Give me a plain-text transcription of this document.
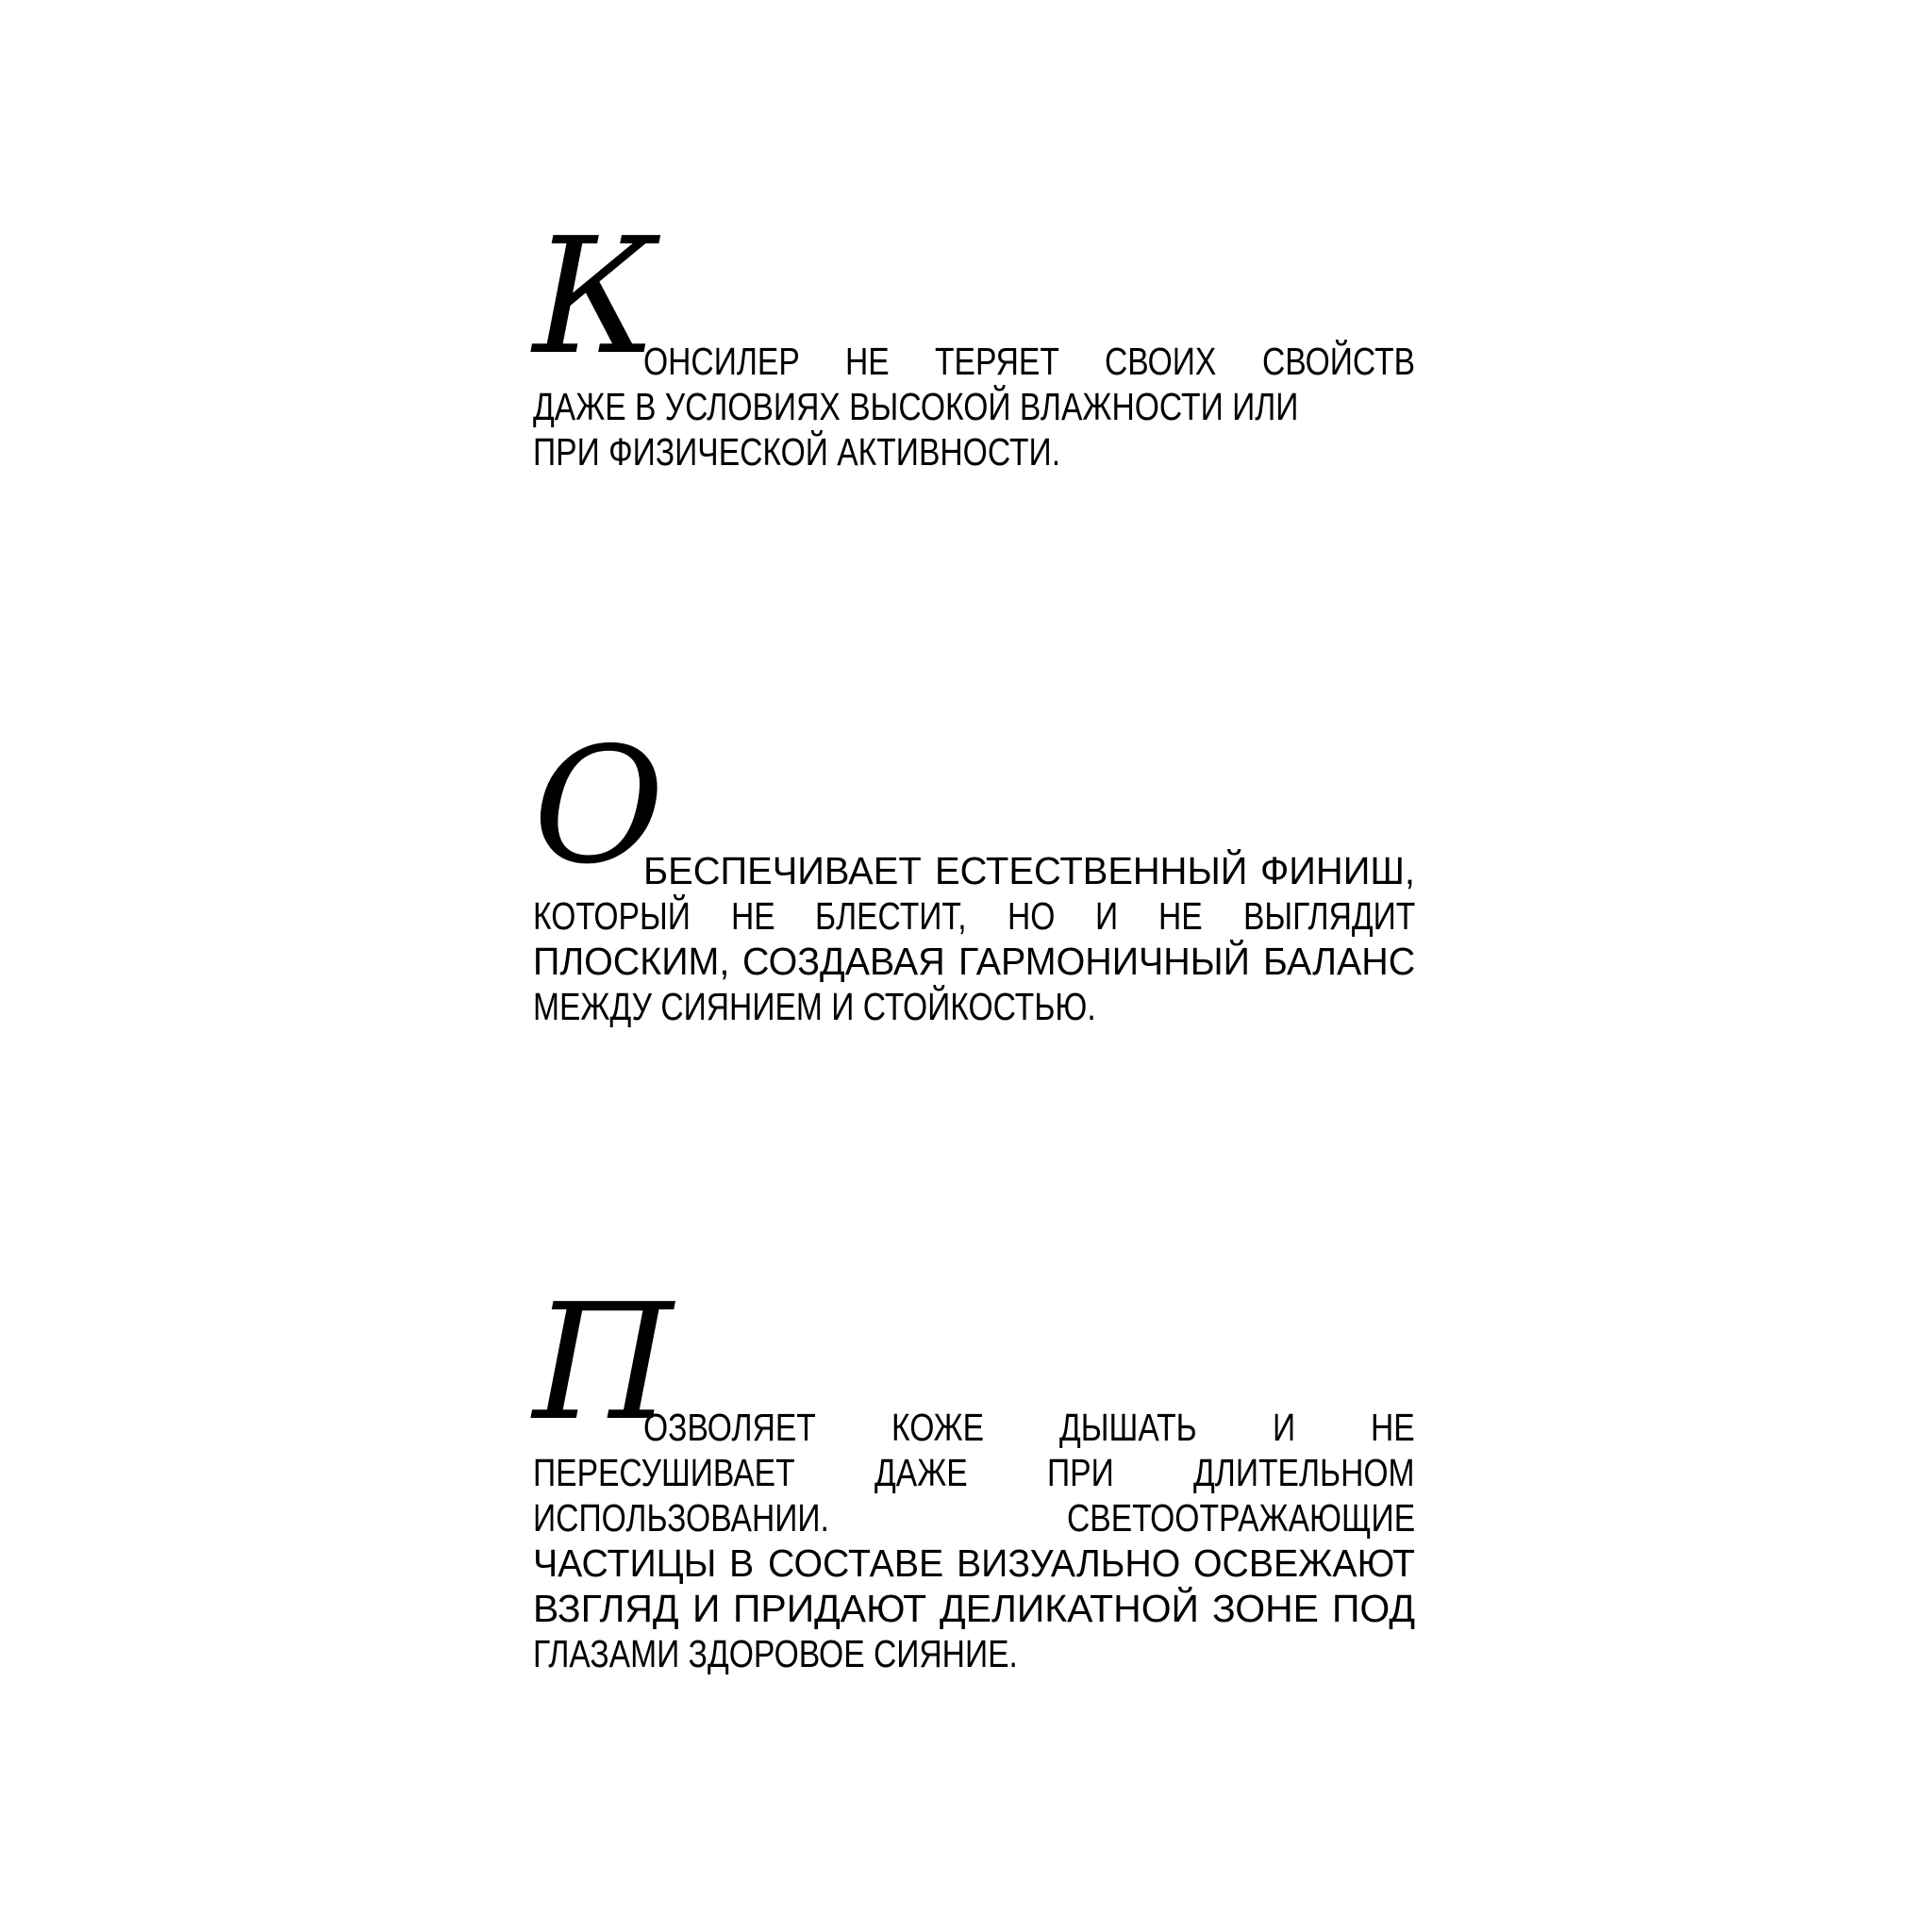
К
ОНСИЛЕР НЕ ТЕРЯЕТ СВОИХ СВОЙСТВ
ДАЖЕ В УСЛОВИЯХ ВЫСОКОЙ ВЛАЖНОСТИ ИЛИ
ПРИ ФИЗИЧЕСКОЙ АКТИВНОСТИ.
О
БЕСПЕЧИВАЕТ ЕСТЕСТВЕННЫЙ ФИНИШ,
КОТОРЫЙ НЕ БЛЕСТИТ, НО И НЕ ВЫГЛЯДИТ
ПЛОСКИМ, СОЗДАВАЯ ГАРМОНИЧНЫЙ БАЛАНС
МЕЖДУ СИЯНИЕМ И СТОЙКОСТЬЮ.
П
ОЗВОЛЯЕТ КОЖЕ ДЫШАТЬ И НЕ
ПЕРЕСУШИВАЕТ ДАЖЕ ПРИ ДЛИТЕЛЬНОМ
ИСПОЛЬЗОВАНИИ.	СВЕТООТРАЖАЮЩИЕ
ЧАСТИЦЫ В СОСТАВЕ ВИЗУАЛЬНО ОСВЕЖАЮТ
ВЗГЛЯД И ПРИДАЮТ ДЕЛИКАТНОЙ ЗОНЕ ПОД
ГЛАЗАМИ ЗДОРОВОЕ СИЯНИЕ.
